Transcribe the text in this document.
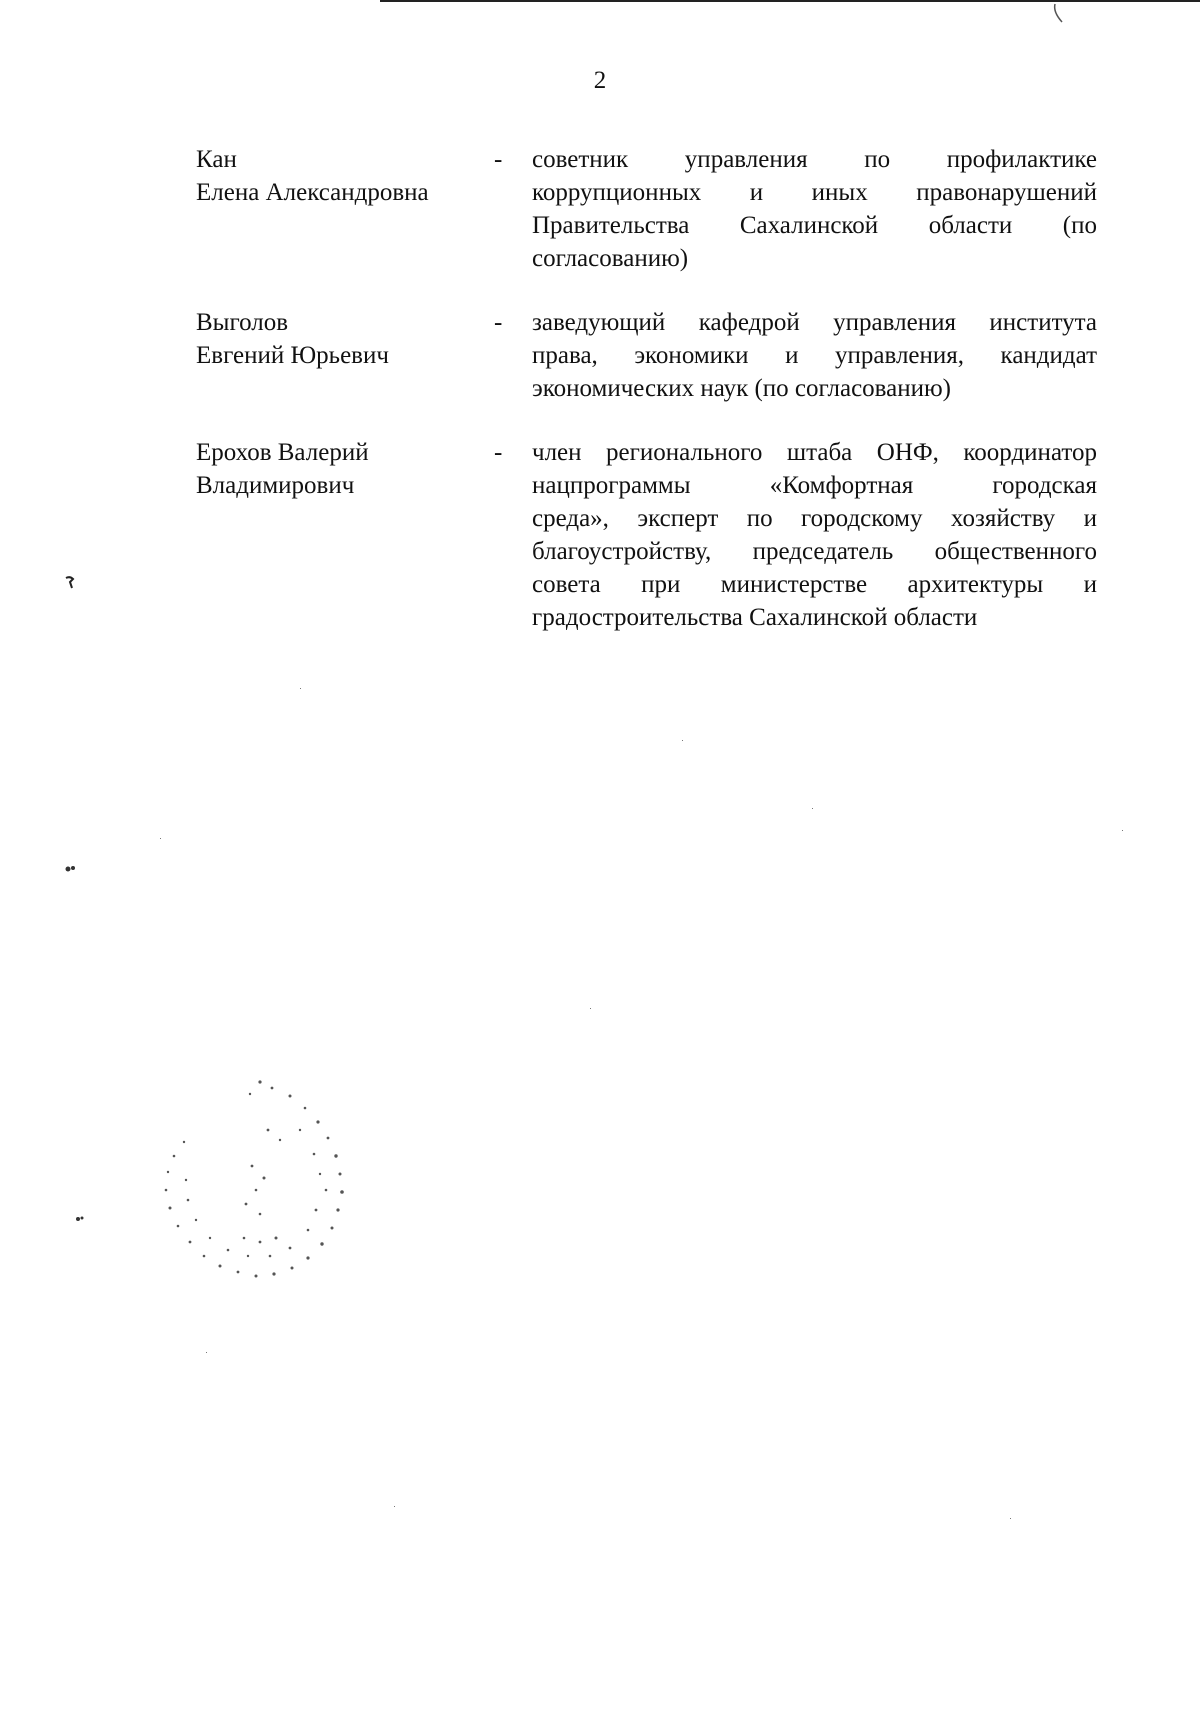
2
Кан
Елена Александровна
- советник управления по профилактике
коррупционных и иных правонарушений
Правительства Сахалинской области (по
согласованию)
Выголов
Евгений Юрьевич
- заведующий кафедрой управления института
права, экономики и управления, кандидат
экономических наук (по согласованию)
Ерохов Валерий
Владимирович
- член регионального штаба ОНФ, координатор
нацпрограммы «Комфортная городская
среда», эксперт по городскому хозяйству и
благоустройству, председатель общественного
совета при министерстве архитектуры и
градостроительства Сахалинской области
